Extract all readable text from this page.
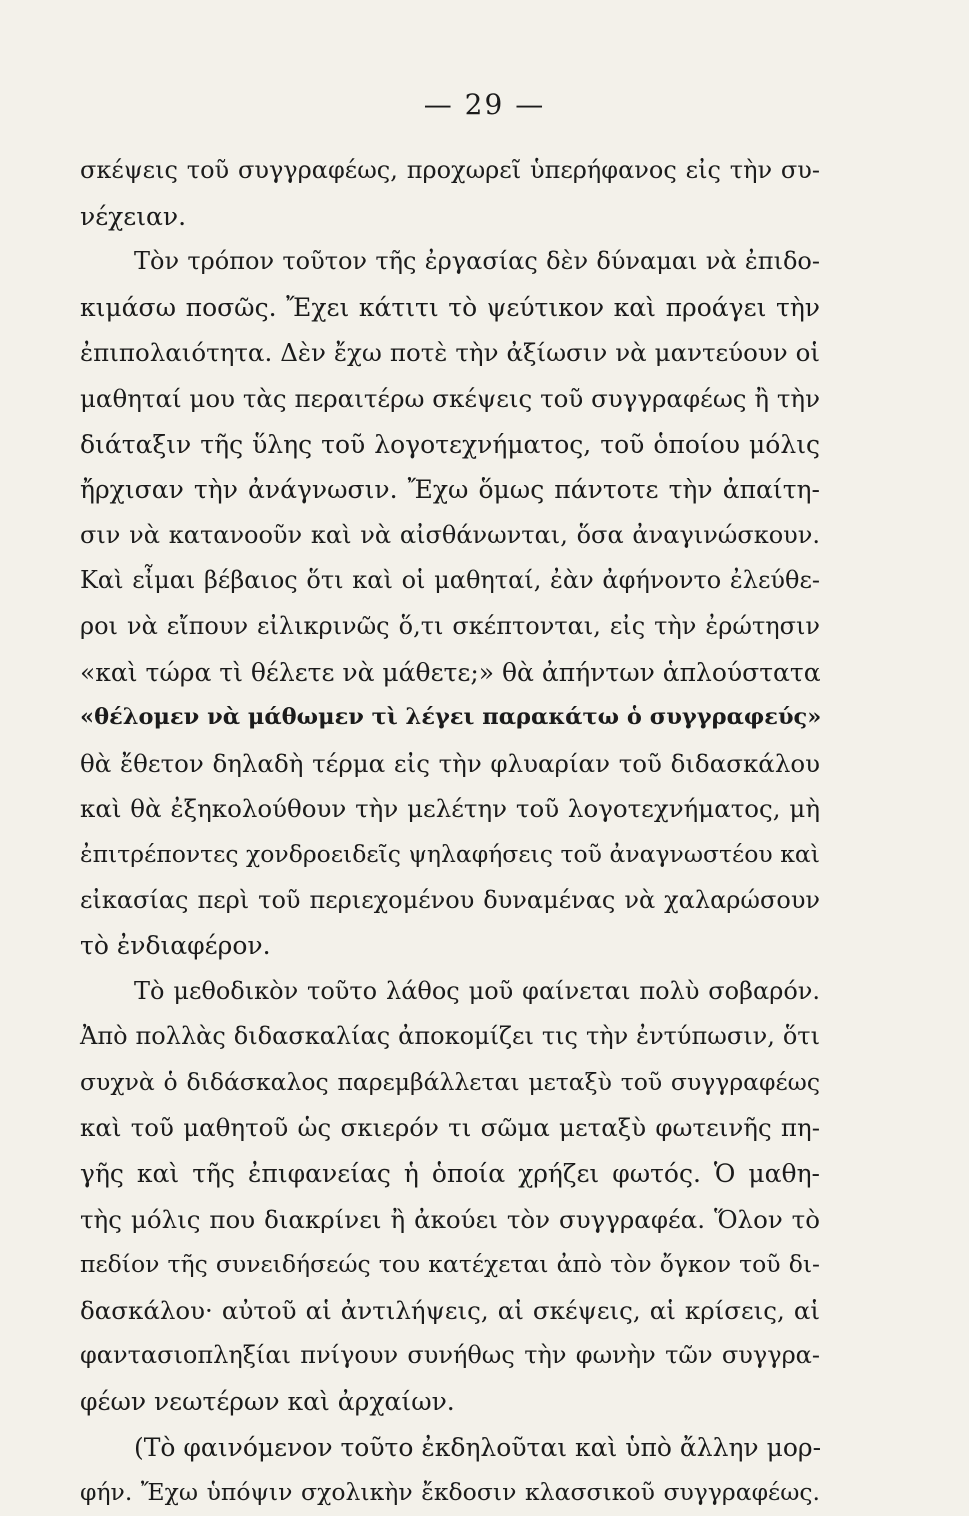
— 29 —
σκέψεις τοῦ συγγραφέως, προχωρεῖ ὑπερήφανος εἰς τὴν συ-
νέχειαν.
Τὸν τρόπον τοῦτον τῆς ἐργασίας δὲν δύναμαι νὰ ἐπιδο-
κιμάσω ποσῶς. Ἔχει κάτιτι τὸ ψεύτικον καὶ προάγει τὴν
ἐπιπολαιότητα. Δὲν ἔχω ποτὲ τὴν ἀξίωσιν νὰ μαντεύουν οἱ
μαθηταί μου τὰς περαιτέρω σκέψεις τοῦ συγγραφέως ἢ τὴν
διάταξιν τῆς ὕλης τοῦ λογοτεχνήματος, τοῦ ὁποίου μόλις
ἤρχισαν τὴν ἀνάγνωσιν. Ἔχω ὅμως πάντοτε τὴν ἀπαίτη-
σιν νὰ κατανοοῦν καὶ νὰ αἰσθάνωνται, ὅσα ἀναγινώσκουν.
Καὶ εἶμαι βέβαιος ὅτι καὶ οἱ μαθηταί, ἐὰν ἀφήνοντο ἐλεύθε-
ροι νὰ εἴπουν εἰλικρινῶς ὅ,τι σκέπτονται, εἰς τὴν ἐρώτησιν
«καὶ τώρα τὶ θέλετε νὰ μάθετε;» θὰ ἀπήντων ἁπλούστατα
«θέλομεν νὰ μάθωμεν τὶ λέγει παρακάτω ὁ συγγραφεύς»
θὰ ἔθετον δηλαδὴ τέρμα εἰς τὴν φλυαρίαν τοῦ διδασκάλου
καὶ θὰ ἐξηκολούθουν τὴν μελέτην τοῦ λογοτεχνήματος, μὴ
ἐπιτρέποντες χονδροειδεῖς ψηλαφήσεις τοῦ ἀναγνωστέου καὶ
εἰκασίας περὶ τοῦ περιεχομένου δυναμένας νὰ χαλαρώσουν
τὸ ἐνδιαφέρον.
Τὸ μεθοδικὸν τοῦτο λάθος μοῦ φαίνεται πολὺ σοβαρόν.
Ἀπὸ πολλὰς διδασκαλίας ἀποκομίζει τις τὴν ἐντύπωσιν, ὅτι
συχνὰ ὁ διδάσκαλος παρεμβάλλεται μεταξὺ τοῦ συγγραφέως
καὶ τοῦ μαθητοῦ ὡς σκιερόν τι σῶμα μεταξὺ φωτεινῆς πη-
γῆς καὶ τῆς ἐπιφανείας ἡ ὁποία χρήζει φωτός. Ὁ μαθη-
τὴς μόλις που διακρίνει ἢ ἀκούει τὸν συγγραφέα. Ὅλον τὸ
πεδίον τῆς συνειδήσεώς του κατέχεται ἀπὸ τὸν ὄγκον τοῦ δι-
δασκάλου· αὐτοῦ αἱ ἀντιλήψεις, αἱ σκέψεις, αἱ κρίσεις, αἱ
φαντασιοπληξίαι πνίγουν συνήθως τὴν φωνὴν τῶν συγγρα-
φέων νεωτέρων καὶ ἀρχαίων.
(Τὸ φαινόμενον τοῦτο ἐκδηλοῦται καὶ ὑπὸ ἄλλην μορ-
φήν. Ἔχω ὑπόψιν σχολικὴν ἔκδοσιν κλασσικοῦ συγγραφέως.
